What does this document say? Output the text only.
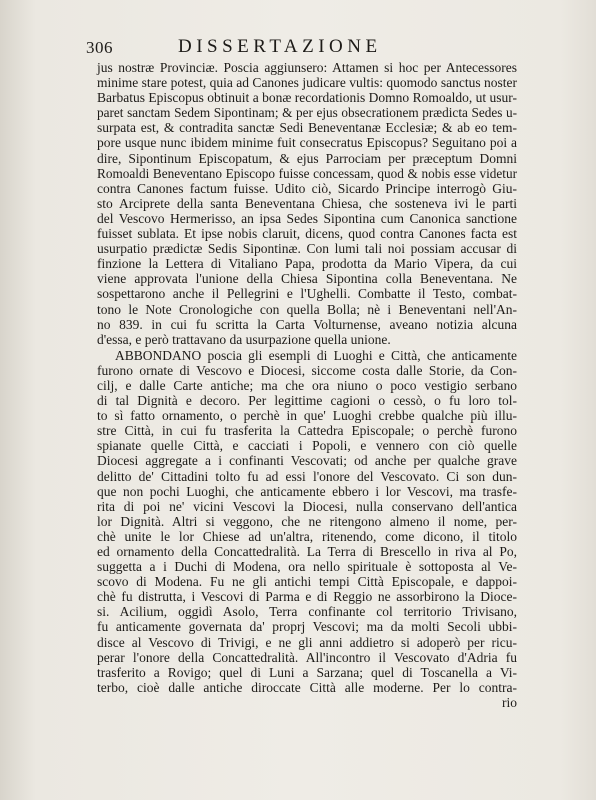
306	DISSERTAZIONE
jus nostræ Provinciæ. Poscia aggiunsero: Attamen si hoc per Antecessores
minime stare potest, quia ad Canones judicare vultis: quomodo sanctus noster
Barbatus Episcopus obtinuit a bonæ recordationis Domno Romoaldo, ut usur-
paret sanctam Sedem Sipontinam; & per ejus obsecrationem prædicta Sedes u-
surpata est, & contradita sanctæ Sedi Beneventanæ Ecclesiæ; & ab eo tem-
pore usque nunc ibidem minime fuit consecratus Episcopus? Seguitano poi a
dire, Sipontinum Episcopatum, & ejus Parrociam per præceptum Domni
Romoaldi Beneventano Episcopo fuisse concessam, quod & nobis esse videtur
contra Canones factum fuisse. Udito ciò, Sicardo Principe interrogò Giu-
sto Arciprete della santa Beneventana Chiesa, che sosteneva ivi le parti
del Vescovo Hermerisso, an ipsa Sedes Sipontina cum Canonica sanctione
fuisset sublata. Et ipse nobis claruit, dicens, quod contra Canones facta est
usurpatio prædictæ Sedis Sipontinæ. Con lumi tali noi possiam accusar di
finzione la Lettera di Vitaliano Papa, prodotta da Mario Vipera, da cui
viene approvata l'unione della Chiesa Sipontina colla Beneventana. Ne
sospettarono anche il Pellegrini e l'Ughelli. Combatte il Testo, combat-
tono le Note Cronologiche con quella Bolla; nè i Beneventani nell'An-
no 839. in cui fu scritta la Carta Volturnense, aveano notizia alcuna
d'essa, e però trattavano da usurpazione quella unione.
ABBONDANO poscia gli esempli di Luoghi e Città, che anticamente
furono ornate di Vescovo e Diocesi, siccome costa dalle Storie, da Con-
cilj, e dalle Carte antiche; ma che ora niuno o poco vestigio serbano
di tal Dignità e decoro. Per legittime cagioni o cessò, o fu loro tol-
to sì fatto ornamento, o perchè in que' Luoghi crebbe qualche più illu-
stre Città, in cui fu trasferita la Cattedra Episcopale; o perchè furono
spianate quelle Città, e cacciati i Popoli, e vennero con ciò quelle
Diocesi aggregate a i confinanti Vescovati; od anche per qualche grave
delitto de' Cittadini tolto fu ad essi l'onore del Vescovato. Ci son dun-
que non pochi Luoghi, che anticamente ebbero i lor Vescovi, ma trasfe-
rita di poi ne' vicini Vescovi la Diocesi, nulla conservano dell'antica
lor Dignità. Altri si veggono, che ne ritengono almeno il nome, per-
chè unite le lor Chiese ad un'altra, ritenendo, come dicono, il titolo
ed ornamento della Concattedralità. La Terra di Brescello in riva al Po,
suggetta a i Duchi di Modena, ora nello spirituale è sottoposta al Ve-
scovo di Modena. Fu ne gli antichi tempi Città Episcopale, e dappoi-
chè fu distrutta, i Vescovi di Parma e di Reggio ne assorbirono la Dioce-
si. Acilium, oggidì Asolo, Terra confinante col territorio Trivisano,
fu anticamente governata da' proprj Vescovi; ma da molti Secoli ubbi-
disce al Vescovo di Trivigi, e ne gli anni addietro si adoperò per ricu-
perar l'onore della Concattedralità. All'incontro il Vescovato d'Adria fu
trasferito a Rovigo; quel di Luni a Sarzana; quel di Toscanella a Vi-
terbo, cioè dalle antiche diroccate Città alle moderne. Per lo contra-
rio
